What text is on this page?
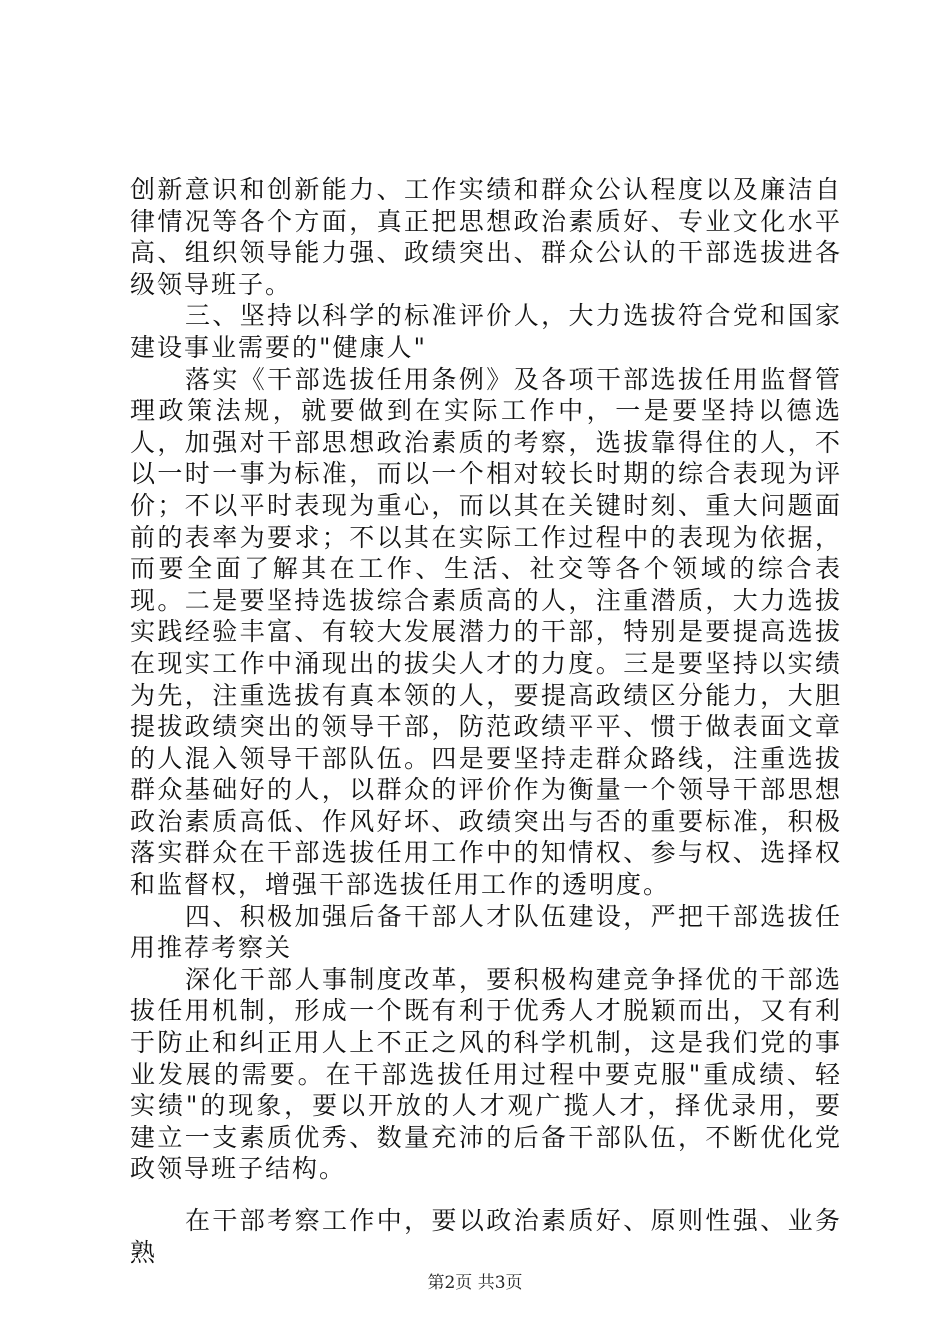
创新意识和创新能力、工作实绩和群众公认程度以及廉洁自律情况等各个方面，真正把思想政治素质好、专业文化水平高、组织领导能力强、政绩突出、群众公认的干部选拔进各级领导班子。

三、坚持以科学的标准评价人，大力选拔符合党和国家建设事业需要的"健康人"

落实《干部选拔任用条例》及各项干部选拔任用监督管理政策法规，就要做到在实际工作中，一是要坚持以德选人，加强对干部思想政治素质的考察，选拔靠得住的人，不以一时一事为标准，而以一个相对较长时期的综合表现为评价；不以平时表现为重心，而以其在关键时刻、重大问题面前的表率为要求；不以其在实际工作过程中的表现为依据，而要全面了解其在工作、生活、社交等各个领域的综合表现。二是要坚持选拔综合素质高的人，注重潜质，大力选拔实践经验丰富、有较大发展潜力的干部，特别是要提高选拔在现实工作中涌现出的拔尖人才的力度。三是要坚持以实绩为先，注重选拔有真本领的人，要提高政绩区分能力，大胆提拔政绩突出的领导干部，防范政绩平平、惯于做表面文章的人混入领导干部队伍。四是要坚持走群众路线，注重选拔群众基础好的人，以群众的评价作为衡量一个领导干部思想政治素质高低、作风好坏、政绩突出与否的重要标准，积极落实群众在干部选拔任用工作中的知情权、参与权、选择权和监督权，增强干部选拔任用工作的透明度。

四、积极加强后备干部人才队伍建设，严把干部选拔任用推荐考察关

深化干部人事制度改革，要积极构建竞争择优的干部选拔任用机制，形成一个既有利于优秀人才脱颖而出，又有利于防止和纠正用人上不正之风的科学机制，这是我们党的事业发展的需要。在干部选拔任用过程中要克服"重成绩、轻实绩"的现象，要以开放的人才观广揽人才，择优录用，要建立一支素质优秀、数量充沛的后备干部队伍，不断优化党政领导班子结构。

在干部考察工作中，要以政治素质好、原则性强、业务熟

第2页 共3页
